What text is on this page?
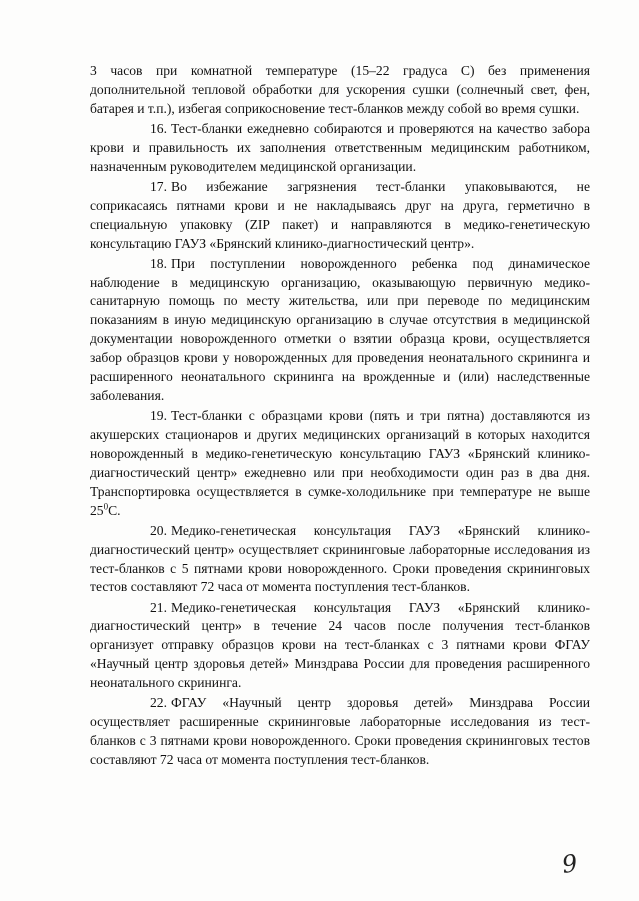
3 часов при комнатной температуре (15–22 градуса С) без применения дополнительной тепловой обработки для ускорения сушки (солнечный свет, фен, батарея и т.п.), избегая соприкосновение тест-бланков между собой во время сушки.

16. Тест-бланки ежедневно собираются и проверяются на качество забора крови и правильность их заполнения ответственным медицинским работником, назначенным руководителем медицинской организации.

17. Во избежание загрязнения тест-бланки упаковываются, не соприкасаясь пятнами крови и не накладываясь друг на друга, герметично в специальную упаковку (ZIP пакет) и направляются в медико-генетическую консультацию ГАУЗ «Брянский клинико-диагностический центр».

18. При поступлении новорожденного ребенка под динамическое наблюдение в медицинскую организацию, оказывающую первичную медико-санитарную помощь по месту жительства, или при переводе по медицинским показаниям в иную медицинскую организацию в случае отсутствия в медицинской документации новорожденного отметки о взятии образца крови, осуществляется забор образцов крови у новорожденных для проведения неонатального скрининга и расширенного неонатального скрининга на врожденные и (или) наследственные заболевания.

19. Тест-бланки с образцами крови (пять и три пятна) доставляются из акушерских стационаров и других медицинских организаций в которых находится новорожденный в медико-генетическую консультацию ГАУЗ «Брянский клинико-диагностический центр» ежедневно или при необходимости один раз в два дня. Транспортировка осуществляется в сумке-холодильнике при температуре не выше $25^0С$.

20. Медико-генетическая консультация ГАУЗ «Брянский клинико-диагностический центр» осуществляет скрининговые лабораторные исследования из тест-бланков с 5 пятнами крови новорожденного. Сроки проведения скрининговых тестов составляют 72 часа от момента поступления тест-бланков.

21. Медико-генетическая консультация ГАУЗ «Брянский клинико-диагностический центр» в течение 24 часов после получения тест-бланков организует отправку образцов крови на тест-бланках с 3 пятнами крови ФГАУ «Научный центр здоровья детей» Минздрава России для проведения расширенного неонатального скрининга.

22. ФГАУ «Научный центр здоровья детей» Минздрава России осуществляет расширенные скрининговые лабораторные исследования из тест-бланков с 3 пятнами крови новорожденного. Сроки проведения скрининговых тестов составляют 72 часа от момента поступления тест-бланков.

9
